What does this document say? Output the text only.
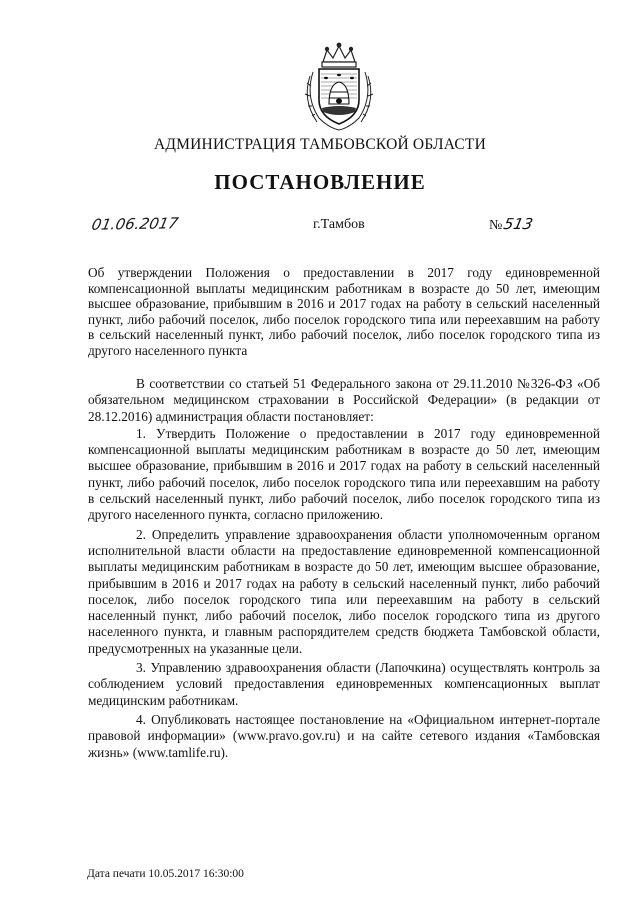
АДМИНИСТРАЦИЯ ТАМБОВСКОЙ ОБЛАСТИ
ПОСТАНОВЛЕНИЕ
01.06.2017	г.Тамбов	№513
Об утверждении Положения о предоставлении в 2017 году единовременной компенсационной выплаты медицинским работникам в возрасте до 50 лет, имеющим высшее образование, прибывшим в 2016 и 2017 годах на работу в сельский населенный пункт, либо рабочий поселок, либо поселок городского типа или переехавшим на работу в сельский населенный пункт, либо рабочий поселок, либо поселок городского типа из другого населенного пункта

В соответствии со статьей 51 Федерального закона от 29.11.2010 №326-ФЗ «Об обязательном медицинском страховании в Российской Федерации» (в редакции от 28.12.2016) администрация области постановляет:

1. Утвердить Положение о предоставлении в 2017 году единовременной компенсационной выплаты медицинским работникам в возрасте до 50 лет, имеющим высшее образование, прибывшим в 2016 и 2017 годах на работу в сельский населенный пункт, либо рабочий поселок, либо поселок городского типа или переехавшим на работу в сельский населенный пункт, либо рабочий поселок, либо поселок городского типа из другого населенного пункта, согласно приложению.

2. Определить управление здравоохранения области уполномоченным органом исполнительной власти области на предоставление единовременной компенсационной выплаты медицинским работникам в возрасте до 50 лет, имеющим высшее образование, прибывшим в 2016 и 2017 годах на работу в сельский населенный пункт, либо рабочий поселок, либо поселок городского типа или переехавшим на работу в сельский населенный пункт, либо рабочий поселок, либо поселок городского типа из другого населенного пункта, и главным распорядителем средств бюджета Тамбовской области, предусмотренных на указанные цели.

3. Управлению здравоохранения области (Лапочкина) осуществлять контроль за соблюдением условий предоставления единовременных компенсационных выплат медицинским работникам.

4. Опубликовать настоящее постановление на «Официальном интернет-портале правовой информации» (www.pravo.gov.ru) и на сайте сетевого издания «Тамбовская жизнь» (www.tamlife.ru).

Дата печати 10.05.2017 16:30:00
